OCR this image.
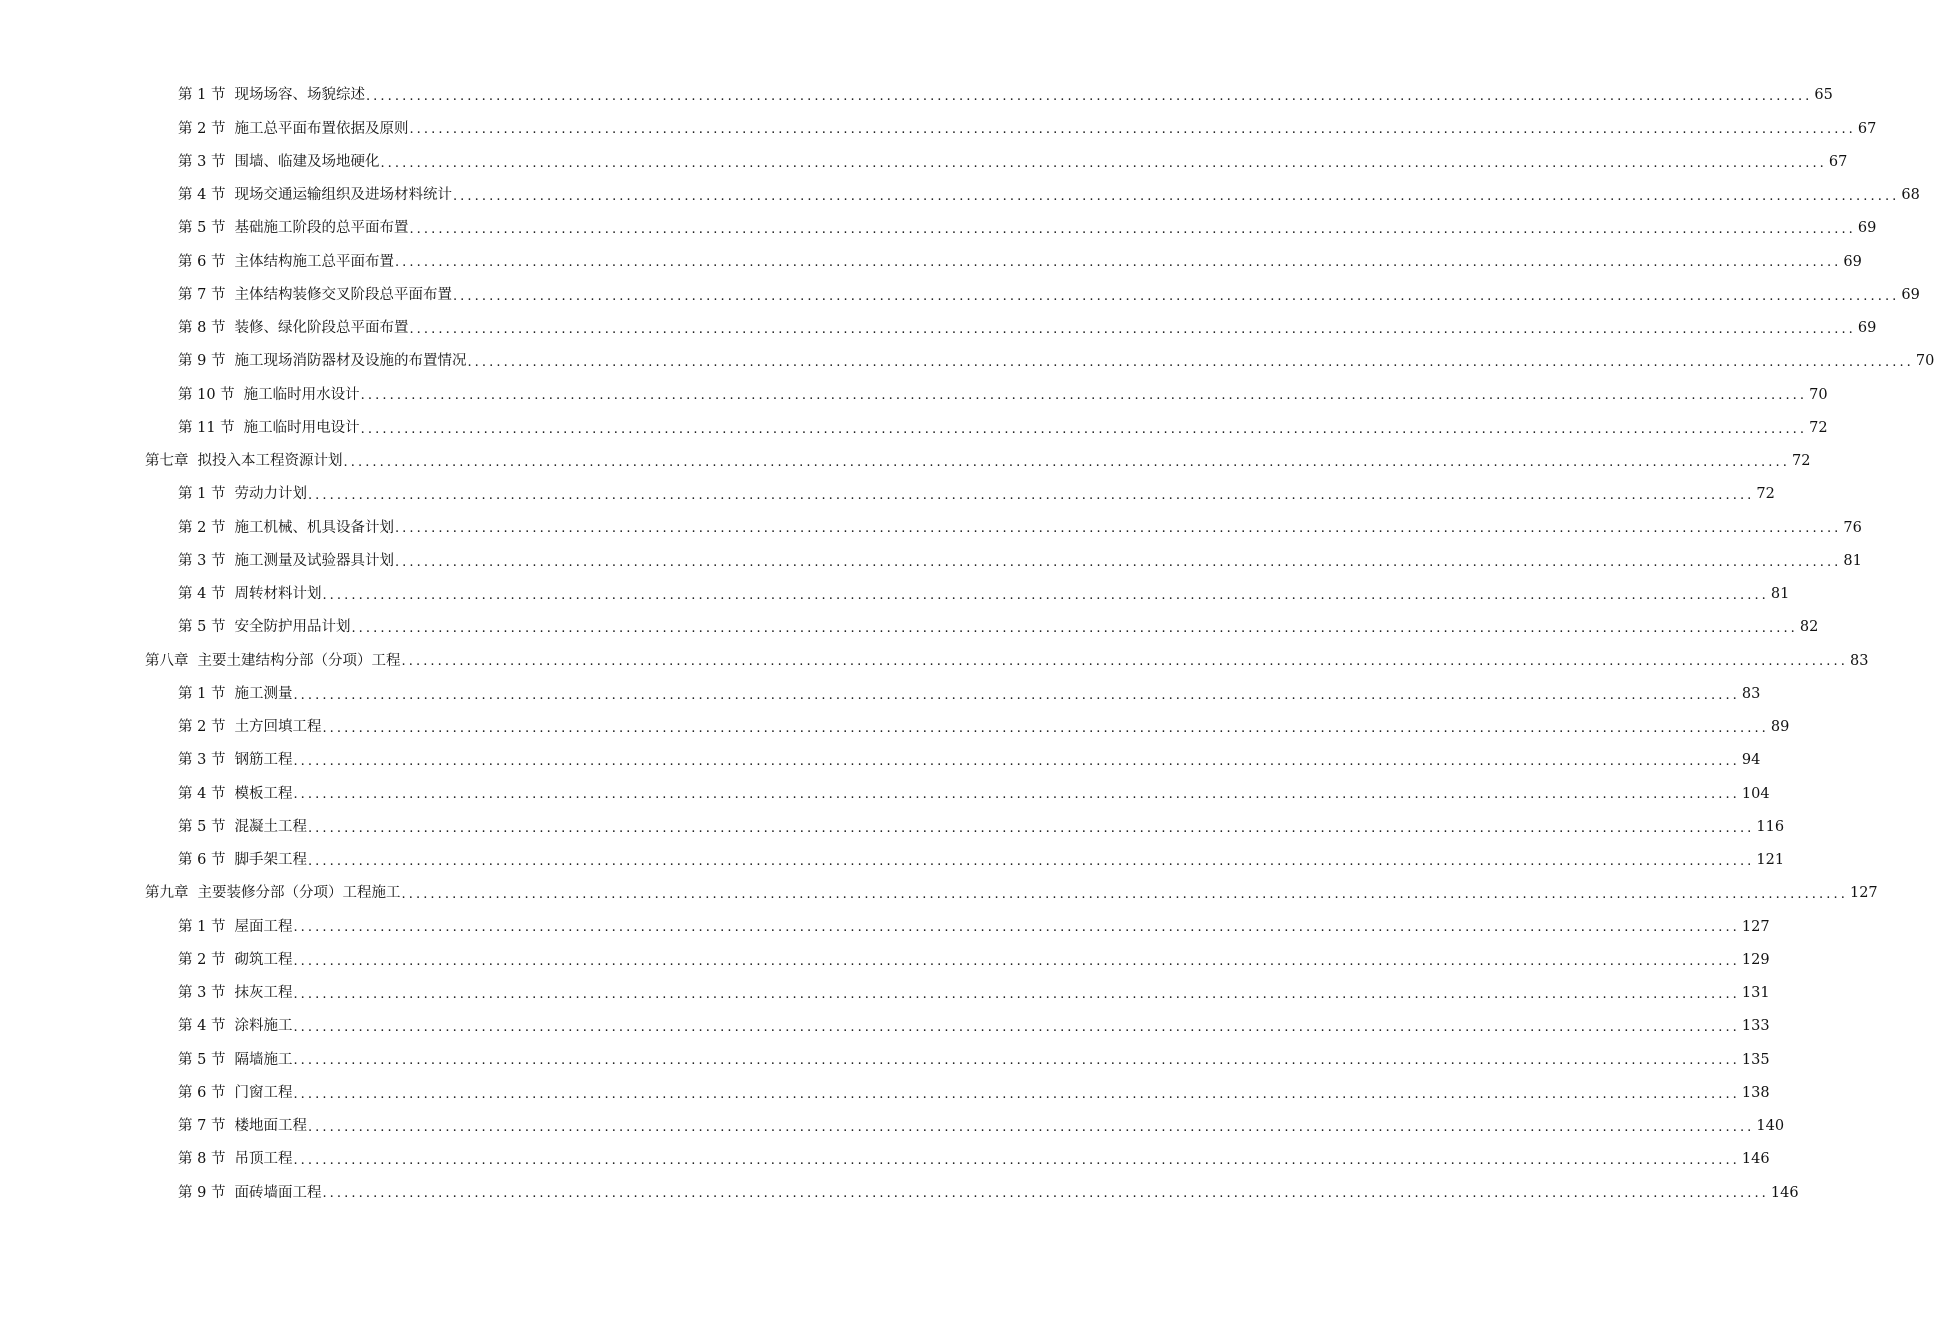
第 1 节 现场场容、场貌综述 ........................................................................................................................................................................................................ 65
第 2 节 施工总平面布置依据及原则 ........................................................................................................................................................................................................ 67
第 3 节 围墙、临建及场地硬化 ........................................................................................................................................................................................................ 67
第 4 节 现场交通运输组织及进场材料统计 ........................................................................................................................................................................................................ 68
第 5 节 基础施工阶段的总平面布置 ........................................................................................................................................................................................................ 69
第 6 节 主体结构施工总平面布置 ........................................................................................................................................................................................................ 69
第 7 节 主体结构装修交叉阶段总平面布置 ........................................................................................................................................................................................................ 69
第 8 节 装修、绿化阶段总平面布置 ........................................................................................................................................................................................................ 69
第 9 节 施工现场消防器材及设施的布置情况 ........................................................................................................................................................................................................ 70
第 10 节 施工临时用水设计 ........................................................................................................................................................................................................ 70
第 11 节 施工临时用电设计 ........................................................................................................................................................................................................ 72
第七章 拟投入本工程资源计划 ........................................................................................................................................................................................................ 72
第 1 节 劳动力计划 ........................................................................................................................................................................................................ 72
第 2 节 施工机械、机具设备计划 ........................................................................................................................................................................................................ 76
第 3 节 施工测量及试验器具计划 ........................................................................................................................................................................................................ 81
第 4 节 周转材料计划 ........................................................................................................................................................................................................ 81
第 5 节 安全防护用品计划 ........................................................................................................................................................................................................ 82
第八章 主要土建结构分部（分项）工程 ........................................................................................................................................................................................................ 83
第 1 节 施工测量 ........................................................................................................................................................................................................ 83
第 2 节 土方回填工程 ........................................................................................................................................................................................................ 89
第 3 节 钢筋工程 ........................................................................................................................................................................................................ 94
第 4 节 模板工程 ........................................................................................................................................................................................................ 104
第 5 节 混凝土工程 ........................................................................................................................................................................................................ 116
第 6 节 脚手架工程 ........................................................................................................................................................................................................ 121
第九章 主要装修分部（分项）工程施工 ........................................................................................................................................................................................................ 127
第 1 节 屋面工程 ........................................................................................................................................................................................................ 127
第 2 节 砌筑工程 ........................................................................................................................................................................................................ 129
第 3 节 抹灰工程 ........................................................................................................................................................................................................ 131
第 4 节 涂料施工 ........................................................................................................................................................................................................ 133
第 5 节 隔墙施工 ........................................................................................................................................................................................................ 135
第 6 节 门窗工程 ........................................................................................................................................................................................................ 138
第 7 节 楼地面工程 ........................................................................................................................................................................................................ 140
第 8 节 吊顶工程 ........................................................................................................................................................................................................ 146
第 9 节 面砖墙面工程 ........................................................................................................................................................................................................ 146
